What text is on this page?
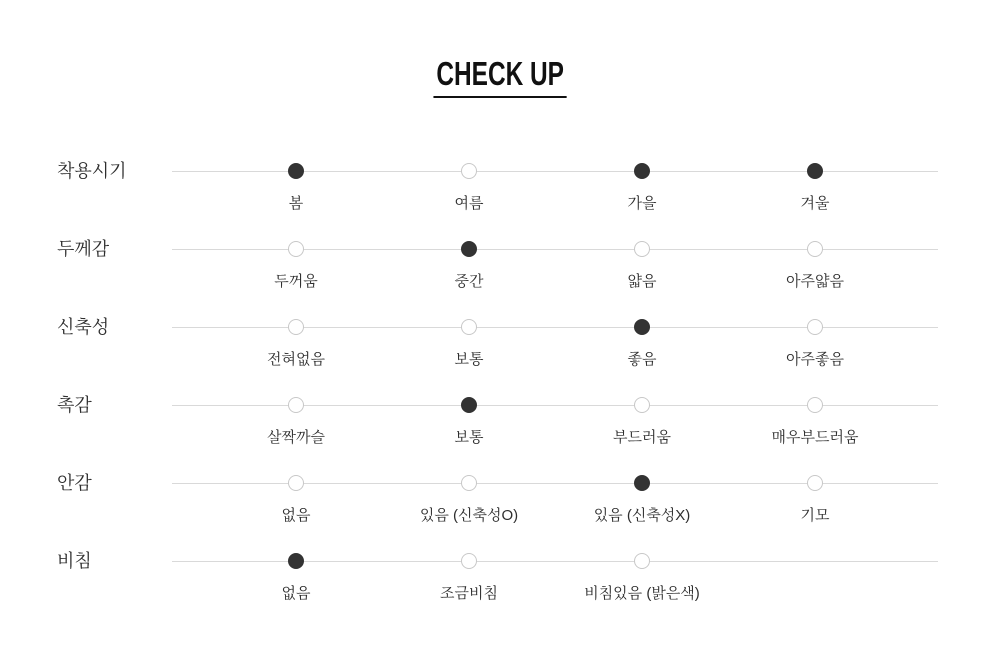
CHECK UP
착용시기
봄	여름	가을	겨울
두께감
두꺼움	중간	얇음	아주얇음
신축성
전혀없음	보통	좋음	아주좋음
촉감
살짝까슬	보통	부드러움	매우부드러움
안감
없음	있음 (신축성O)	있음 (신축성X)	기모
비침
없음	조금비침	비침있음 (밝은색)
